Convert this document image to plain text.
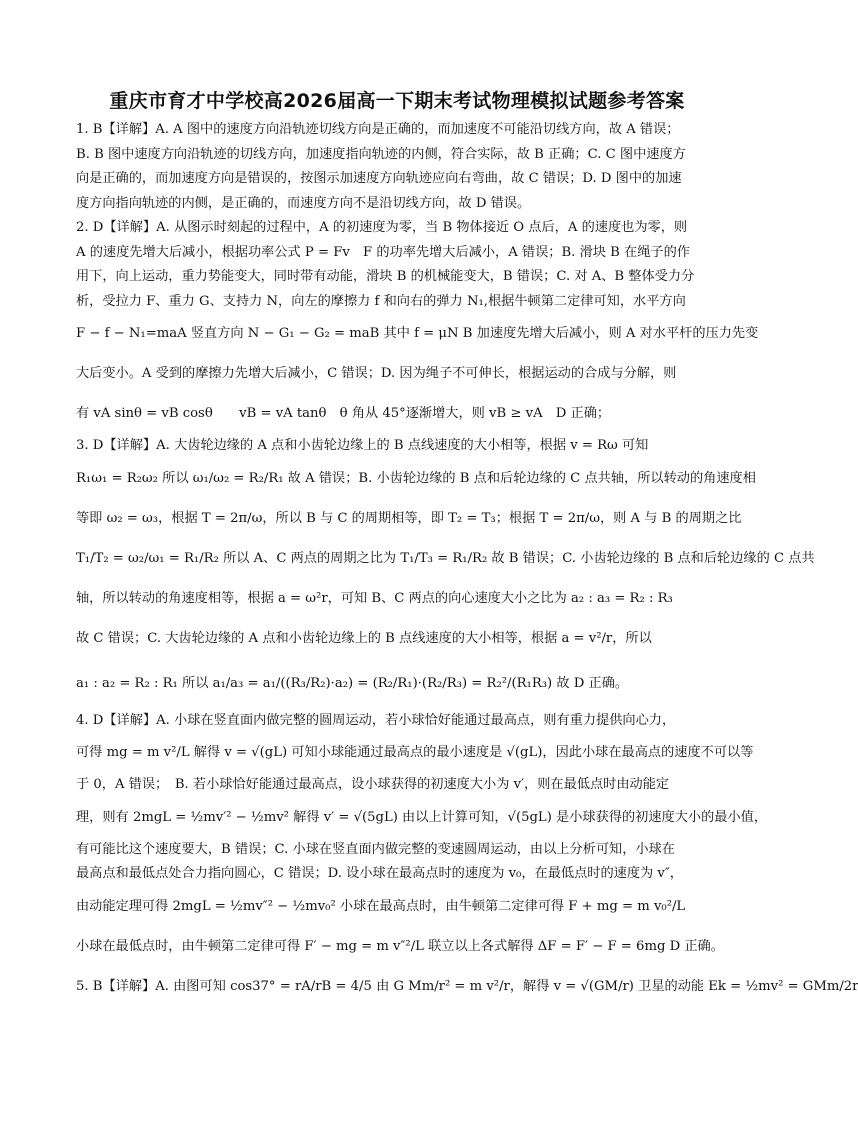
重庆市育才中学校高2026届高一下期末考试物理模拟试题参考答案
1. B【详解】A. A 图中的速度方向沿轨迹切线方向是正确的，而加速度不可能沿切线方向，故 A 错误；
B. B 图中速度方向沿轨迹的切线方向，加速度指向轨迹的内侧，符合实际，故 B 正确；C. C 图中速度方
向是正确的，而加速度方向是错误的，按图示加速度方向轨迹应向右弯曲，故 C 错误；D. D 图中的加速
度方向指向轨迹的内侧，是正确的，而速度方向不是沿切线方向，故 D 错误。
2. D【详解】A. 从图示时刻起的过程中，A 的初速度为零，当 B 物体接近 O 点后，A 的速度也为零，则
A 的速度先增大后减小，根据功率公式 P = Fv　F 的功率先增大后减小，A 错误；B. 滑块 B 在绳子的作
用下，向上运动，重力势能变大，同时带有动能，滑块 B 的机械能变大，B 错误；C. 对 A、B 整体受力分
析，受拉力 F、重力 G、支持力 N，向左的摩擦力 f 和向右的弹力 N₁,根据牛顿第二定律可知，水平方向
F − f − N₁=maA 竖直方向 N − G₁ − G₂ = maB 其中 f = μN B 加速度先增大后减小，则 A 对水平杆的压力先变
大后变小。A 受到的摩擦力先增大后减小，C 错误；D. 因为绳子不可伸长，根据运动的合成与分解，则
有 vA sinθ = vB cosθ　　vB = vA tanθ　θ 角从 45°逐渐增大，则 vB ≥ vA　D 正确；
3. D【详解】A. 大齿轮边缘的 A 点和小齿轮边缘上的 B 点线速度的大小相等，根据 v = Rω 可知
R₁ω₁ = R₂ω₂ 所以 ω₁/ω₂ = R₂/R₁ 故 A 错误；B. 小齿轮边缘的 B 点和后轮边缘的 C 点共轴，所以转动的角速度相
等即 ω₂ = ω₃，根据 T = 2π/ω，所以 B 与 C 的周期相等，即 T₂ = T₃；根据 T = 2π/ω，则 A 与 B 的周期之比
T₁/T₂ = ω₂/ω₁ = R₁/R₂ 所以 A、C 两点的周期之比为 T₁/T₃ = R₁/R₂ 故 B 错误；C. 小齿轮边缘的 B 点和后轮边缘的 C 点共
轴，所以转动的角速度相等，根据 a = ω²r，可知 B、C 两点的向心速度大小之比为 a₂ : a₃ = R₂ : R₃
故 C 错误；C. 大齿轮边缘的 A 点和小齿轮边缘上的 B 点线速度的大小相等，根据 a = v²/r，所以
a₁ : a₂ = R₂ : R₁ 所以 a₁/a₃ = a₁/((R₃/R₂)·a₂) = (R₂/R₁)·(R₂/R₃) = R₂²/(R₁R₃) 故 D 正确。
4. D【详解】A. 小球在竖直面内做完整的圆周运动，若小球恰好能通过最高点，则有重力提供向心力，
可得 mg = m v²/L 解得 v = √(gL) 可知小球能通过最高点的最小速度是 √(gL)，因此小球在最高点的速度不可以等
于 0，A 错误；　B. 若小球恰好能通过最高点，设小球获得的初速度大小为 v′，则在最低点时由动能定
理，则有 2mgL = ½mv′² − ½mv² 解得 v′ = √(5gL) 由以上计算可知，√(5gL) 是小球获得的初速度大小的最小值，
有可能比这个速度要大，B 错误；C. 小球在竖直面内做完整的变速圆周运动，由以上分析可知，小球在
最高点和最低点处合力指向圆心，C 错误；D. 设小球在最高点时的速度为 v₀，在最低点时的速度为 v″，
由动能定理可得 2mgL = ½mv″² − ½mv₀² 小球在最高点时，由牛顿第二定律可得 F + mg = m v₀²/L
小球在最低点时，由牛顿第二定律可得 F′ − mg = m v″²/L 联立以上各式解得 ΔF = F′ − F = 6mg D 正确。
5. B【详解】A. 由图可知 cos37° = rA/rB = 4/5 由 G Mm/r² = m v²/r，解得 v = √(GM/r) 卫星的动能 Ek = ½mv² = GMm/2r
